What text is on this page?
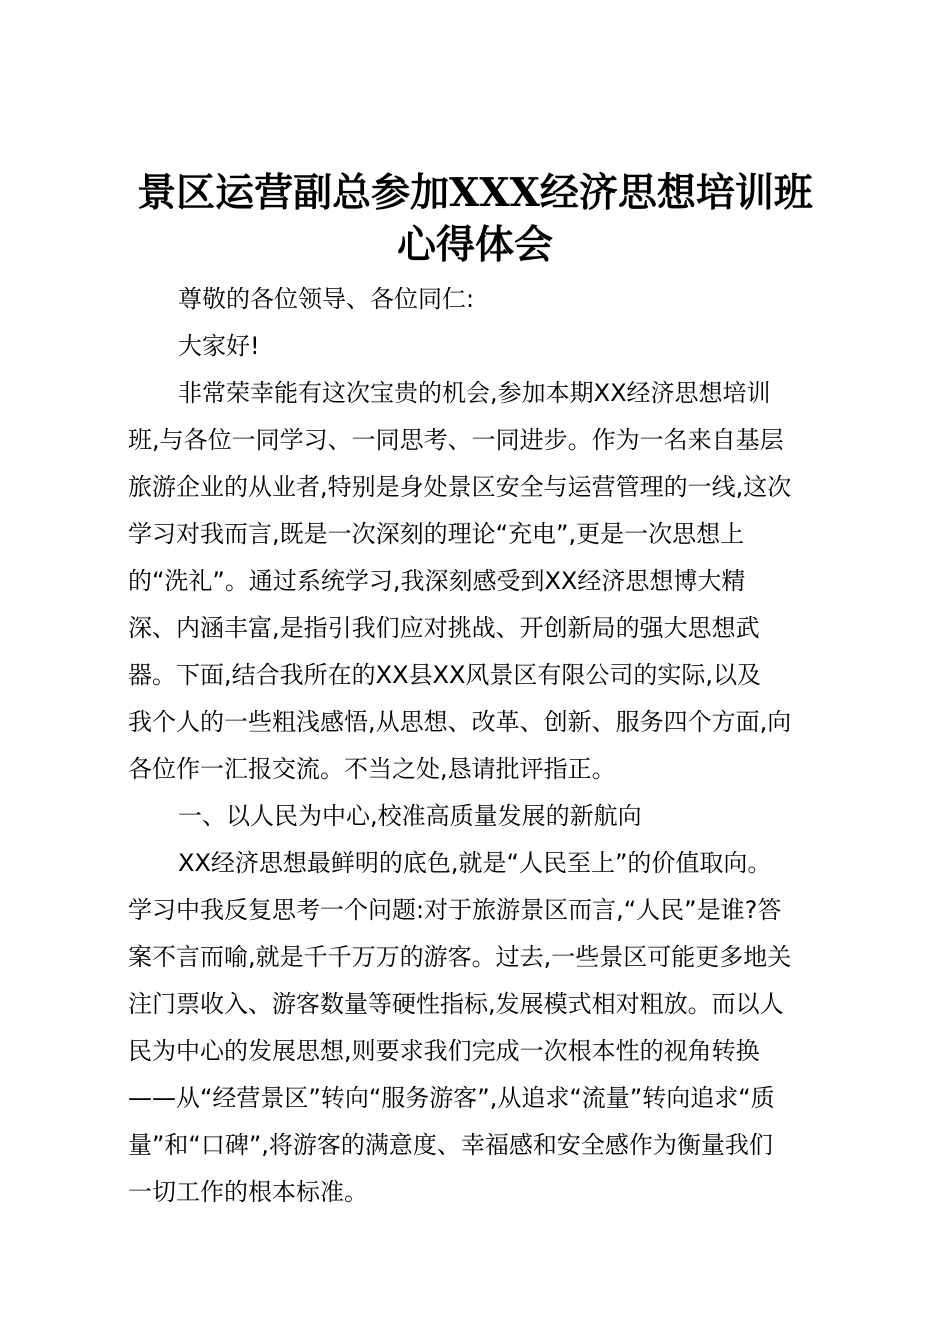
景区运营副总参加XXX经济思想培训班
心得体会
尊敬的各位领导、各位同仁:
大家好!
非常荣幸能有这次宝贵的机会,参加本期XX经济思想培训
班,与各位一同学习、一同思考、一同进步。作为一名来自基层
旅游企业的从业者,特别是身处景区安全与运营管理的一线,这次
学习对我而言,既是一次深刻的理论“充电”,更是一次思想上
的“洗礼”。通过系统学习,我深刻感受到XX经济思想博大精
深、内涵丰富,是指引我们应对挑战、开创新局的强大思想武
器。下面,结合我所在的XX县XX风景区有限公司的实际,以及
我个人的一些粗浅感悟,从思想、改革、创新、服务四个方面,向
各位作一汇报交流。不当之处,恳请批评指正。
一、以人民为中心,校准高质量发展的新航向
XX经济思想最鲜明的底色,就是“人民至上”的价值取向。
学习中我反复思考一个问题:对于旅游景区而言,“人民”是谁?答
案不言而喻,就是千千万万的游客。过去,一些景区可能更多地关
注门票收入、游客数量等硬性指标,发展模式相对粗放。而以人
民为中心的发展思想,则要求我们完成一次根本性的视角转换
——从“经营景区”转向“服务游客”,从追求“流量”转向追求“质
量”和“口碑”,将游客的满意度、幸福感和安全感作为衡量我们
一切工作的根本标准。
